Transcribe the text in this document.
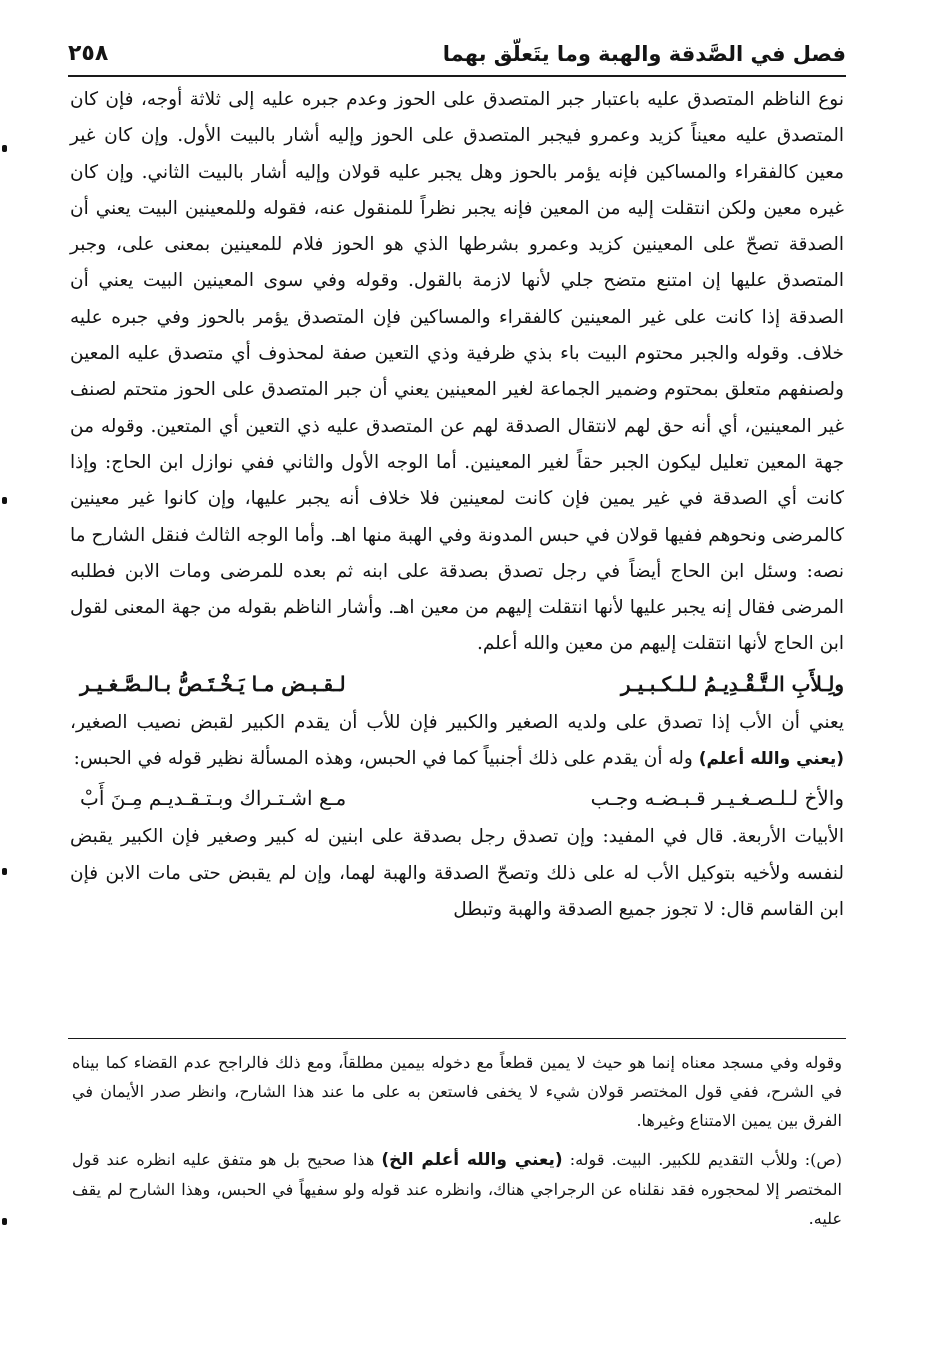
فصل في الصَّدقة والهبة وما يتَعلّق بهما
٢٥٨

نوع الناظم المتصدق عليه باعتبار جبر المتصدق على الحوز وعدم جبره عليه إلى ثلاثة أوجه، فإن كان المتصدق عليه معيناً كزيد وعمرو فيجبر المتصدق على الحوز وإليه أشار بالبيت الأول. وإن كان غير معين كالفقراء والمساكين فإنه يؤمر بالحوز وهل يجبر عليه قولان وإليه أشار بالبيت الثاني. وإن كان غيره معين ولكن انتقلت إليه من المعين فإنه يجبر نظراً للمنقول عنه، فقوله وللمعينين البيت يعني أن الصدقة تصحّ على المعينين كزيد وعمرو بشرطها الذي هو الحوز فلام للمعينين بمعنى على، وجبر المتصدق عليها إن امتنع متضح جلي لأنها لازمة بالقول. وقوله وفي سوى المعينين البيت يعني أن الصدقة إذا كانت على غير المعينين كالفقراء والمساكين فإن المتصدق يؤمر بالحوز وفي جبره عليه خلاف. وقوله والجبر محتوم البيت باء بذي ظرفية وذي التعين صفة لمحذوف أي متصدق عليه المعين ولصنفهم متعلق بمحتوم وضمير الجماعة لغير المعينين يعني أن جبر المتصدق على الحوز متحتم لصنف غير المعينين، أي أنه حق لهم لانتقال الصدقة لهم عن المتصدق عليه ذي التعين أي المتعين. وقوله من جهة المعين تعليل ليكون الجبر حقاً لغير المعينين. أما الوجه الأول والثاني ففي نوازل ابن الحاج: وإذا كانت أي الصدقة في غير يمين فإن كانت لمعينين فلا خلاف أنه يجبر عليها، وإن كانوا غير معينين كالمرضى ونحوهم ففيها قولان في حبس المدونة وفي الهبة منها اهـ. وأما الوجه الثالث فنقل الشارح ما نصه: وسئل ابن الحاج أيضاً في رجل تصدق بصدقة على ابنه ثم بعده للمرضى ومات الابن فطلبه المرضى فقال إنه يجبر عليها لأنها انتقلت إليهم من معين اهـ. وأشار الناظم بقوله من جهة المعنى لقول ابن الحاج لأنها انتقلت إليهم من معين والله أعلم.

ولِـلأَبِ الـتَّـقْـدِيـمُ لـلـكـبـيـر
لـقـبـض مـا يَـخْـتَـصُّ بـالـصَّـغـيـر

يعني أن الأب إذا تصدق على ولديه الصغير والكبير فإن للأب أن يقدم الكبير لقبض نصيب الصغير، (يعني والله أعلم) وله أن يقدم على ذلك أجنبياً كما في الحبس، وهذه المسألة نظير قوله في الحبس:

والأخ لـلـصـغـيـر قـبـضـه وجـب
مـع اشـتـراك وبـتـقـديـم مِـنَ أَبْ

الأبيات الأربعة. قال في المفيد: وإن تصدق رجل بصدقة على ابنين له كبير وصغير فإن الكبير يقبض لنفسه ولأخيه بتوكيل الأب له على ذلك وتصحّ الصدقة والهبة لهما، وإن لم يقبض حتى مات الابن فإن ابن القاسم قال: لا تجوز جميع الصدقة والهبة وتبطل

وقوله وفي مسجد معناه إنما هو حيث لا يمين قطعاً مع دخوله بيمين مطلقاً، ومع ذلك فالراجح عدم القضاء كما بيناه في الشرح، ففي قول المختصر قولان شيء لا يخفى فاستعن به على ما عند هذا الشارح، وانظر صدر الأيمان في الفرق بين يمين الامتناع وغيرها.

(ص): وللأب التقديم للكبير. البيت. قوله: (يعني والله أعلم الخ) هذا صحيح بل هو متفق عليه انظره عند قول المختصر إلا لمحجوره فقد نقلناه عن الرجراجي هناك، وانظره عند قوله ولو سفيهاً في الحبس، وهذا الشارح لم يقف عليه.
